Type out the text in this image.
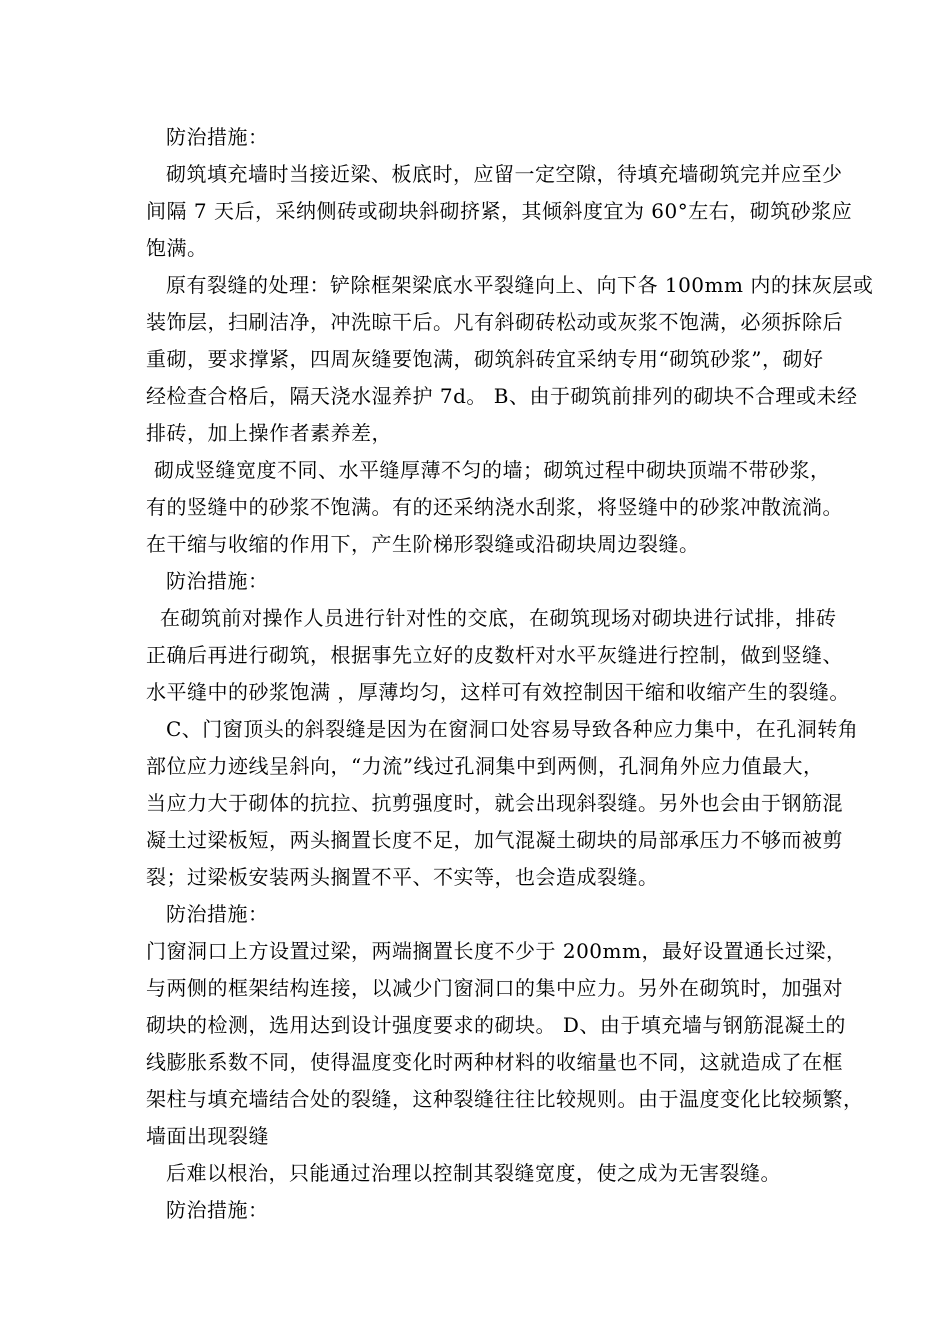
防治措施：
砌筑填充墙时当接近梁、板底时，应留一定空隙，待填充墙砌筑完并应至少
间隔 7 天后，采纳侧砖或砌块斜砌挤紧，其倾斜度宜为 60°左右，砌筑砂浆应
饱满。
原有裂缝的处理：铲除框架梁底水平裂缝向上、向下各 100mm 内的抹灰层或
装饰层，扫刷洁净，冲洗晾干后。凡有斜砌砖松动或灰浆不饱满，必须拆除后
重砌，要求撑紧，四周灰缝要饱满，砌筑斜砖宜采纳专用“砌筑砂浆”，砌好
经检查合格后，隔天浇水湿养护 7d。 B、由于砌筑前排列的砌块不合理或未经
排砖，加上操作者素养差，
砌成竖缝宽度不同、水平缝厚薄不匀的墙；砌筑过程中砌块顶端不带砂浆，
有的竖缝中的砂浆不饱满。有的还采纳浇水刮浆，将竖缝中的砂浆冲散流淌。
在干缩与收缩的作用下，产生阶梯形裂缝或沿砌块周边裂缝。
防治措施：
在砌筑前对操作人员进行针对性的交底，在砌筑现场对砌块进行试排，排砖
正确后再进行砌筑，根据事先立好的皮数杆对水平灰缝进行控制，做到竖缝、
水平缝中的砂浆饱满 ，厚薄均匀，这样可有效控制因干缩和收缩产生的裂缝。
C、门窗顶头的斜裂缝是因为在窗洞口处容易导致各种应力集中，在孔洞转角
部位应力迹线呈斜向，“力流”线过孔洞集中到两侧，孔洞角外应力值最大，
当应力大于砌体的抗拉、抗剪强度时，就会出现斜裂缝。另外也会由于钢筋混
凝土过梁板短，两头搁置长度不足，加气混凝土砌块的局部承压力不够而被剪
裂；过梁板安装两头搁置不平、不实等，也会造成裂缝。
防治措施：
门窗洞口上方设置过梁，两端搁置长度不少于 200mm，最好设置通长过梁，
与两侧的框架结构连接，以减少门窗洞口的集中应力。另外在砌筑时，加强对
砌块的检测，选用达到设计强度要求的砌块。 D、由于填充墙与钢筋混凝土的
线膨胀系数不同，使得温度变化时两种材料的收缩量也不同，这就造成了在框
架柱与填充墙结合处的裂缝，这种裂缝往往比较规则。由于温度变化比较频繁，
墙面出现裂缝
后难以根治，只能通过治理以控制其裂缝宽度，使之成为无害裂缝。
防治措施：
